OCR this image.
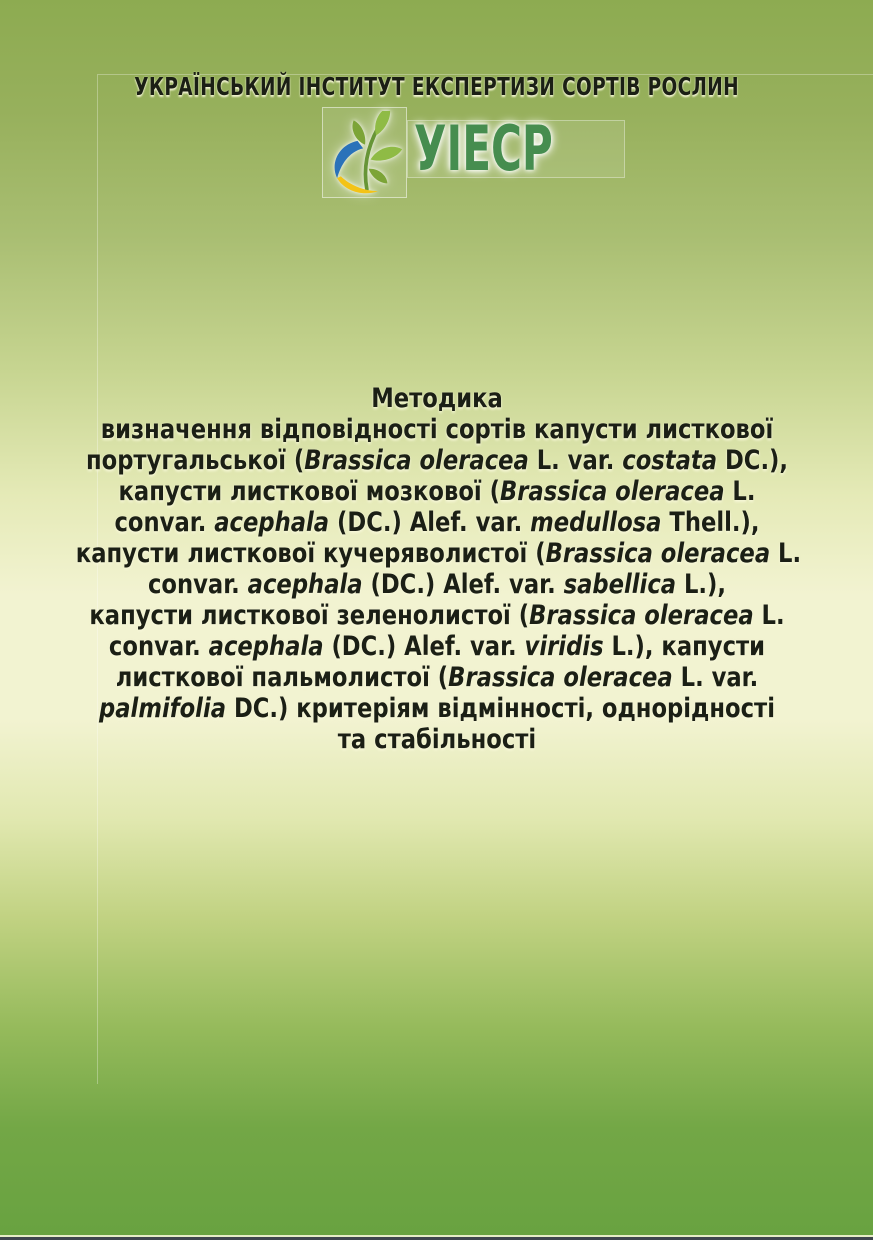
УКРАЇНСЬКИЙ ІНСТИТУТ ЕКСПЕРТИЗИ СОРТІВ РОСЛИН
УІЕСР
Методика
визначення відповідності сортів капусти листкової
португальської (Brassica oleracea L. var. costata DC.),
капусти листкової мозкової (Brassica oleracea L.
convar. acephala (DC.) Alef. var. medullosa Thell.),
капусти листкової кучеряволистої (Brassica oleracea L.
convar. acephala (DC.) Alef. var. sabellica L.),
капусти листкової зеленолистої (Brassica oleracea L.
convar. acephala (DC.) Alef. var. viridis L.), капусти
листкової пальмолистої (Brassica oleracea L. var.
palmifolia DC.) критеріям відмінності, однорідності
та стабільності
